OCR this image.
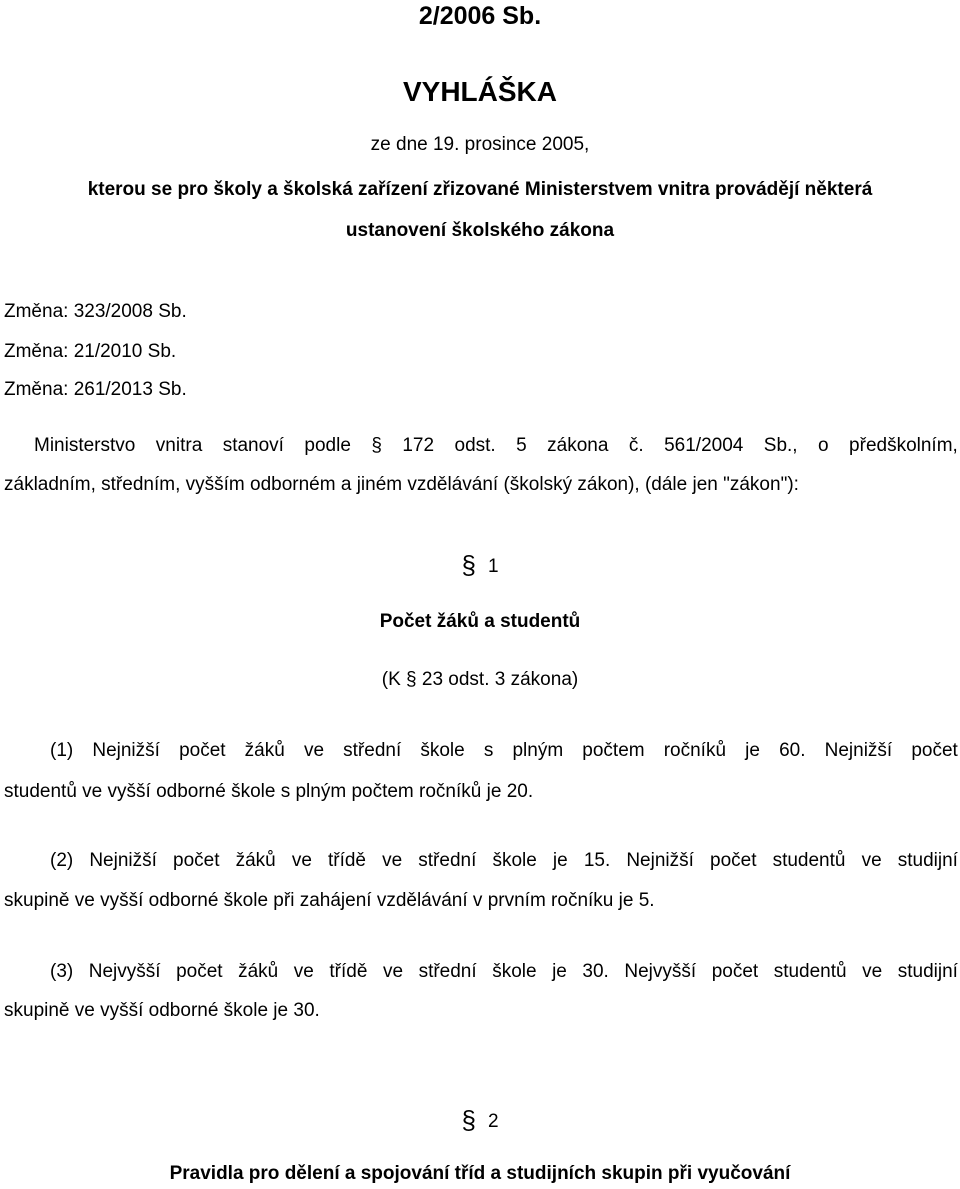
2/2006 Sb.
VYHLÁŠKA
ze dne 19. prosince 2005,
kterou se pro školy a školská zařízení zřizované Ministerstvem vnitra provádějí některá
ustanovení školského zákona
Změna: 323/2008 Sb.
Změna: 21/2010 Sb.
Změna: 261/2013 Sb.
Ministerstvo vnitra stanoví podle § 172 odst. 5 zákona č. 561/2004 Sb., o předškolním,
základním, středním, vyšším odborném a jiném vzdělávání (školský zákon), (dále jen "zákon"):
§ 1
Počet žáků a studentů
(K § 23 odst. 3 zákona)
(1) Nejnižší počet žáků ve střední škole s plným počtem ročníků je 60. Nejnižší počet
studentů ve vyšší odborné škole s plným počtem ročníků je 20.
(2) Nejnižší počet žáků ve třídě ve střední škole je 15. Nejnižší počet studentů ve studijní
skupině ve vyšší odborné škole při zahájení vzdělávání v prvním ročníku je 5.
(3) Nejvyšší počet žáků ve třídě ve střední škole je 30. Nejvyšší počet studentů ve studijní
skupině ve vyšší odborné škole je 30.
§ 2
Pravidla pro dělení a spojování tříd a studijních skupin při vyučování
